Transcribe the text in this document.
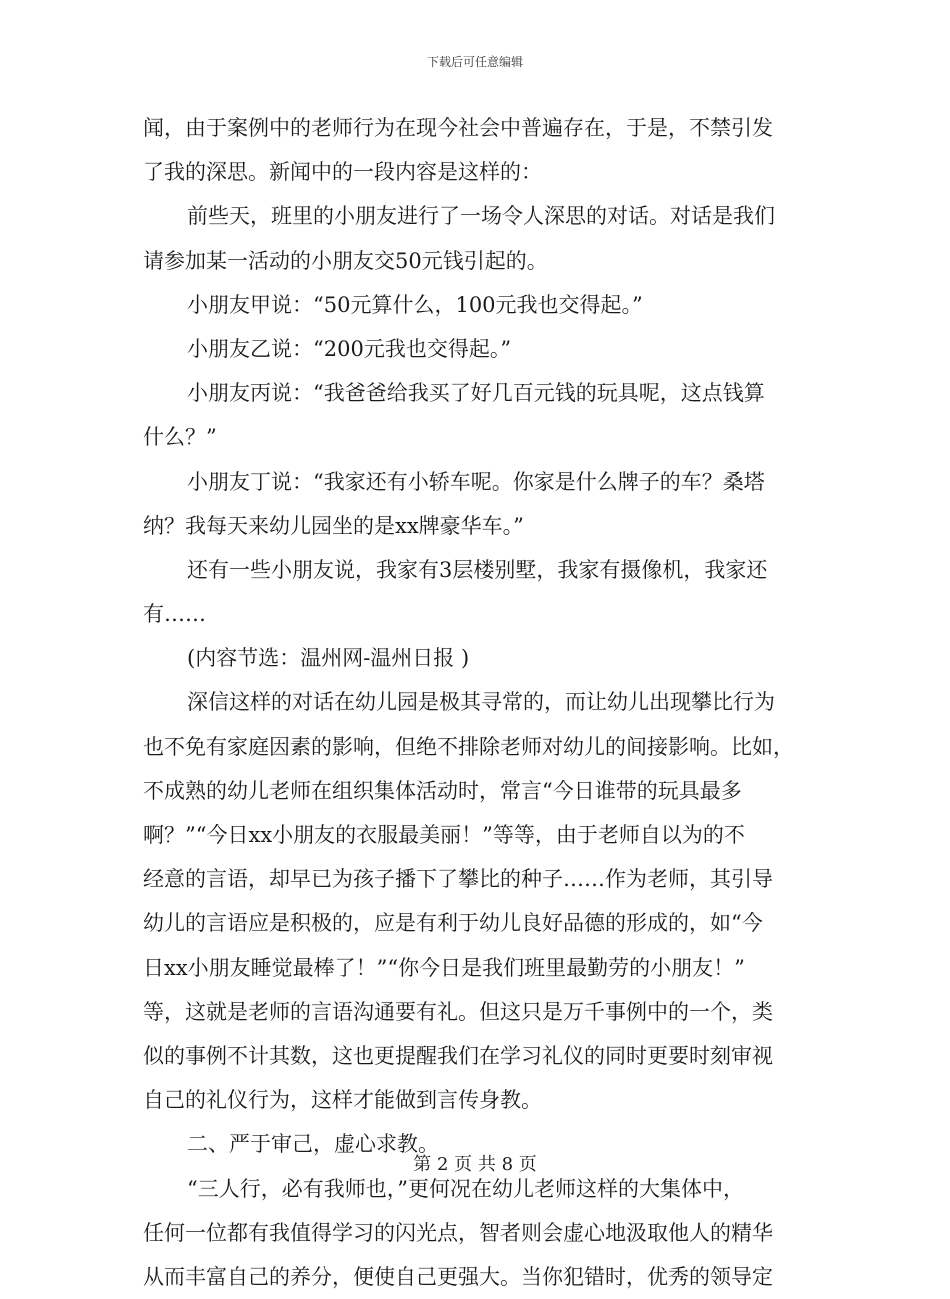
下载后可任意编辑
闻，由于案例中的老师行为在现今社会中普遍存在，于是，不禁引发
了我的深思。新闻中的一段内容是这样的：
前些天，班里的小朋友进行了一场令人深思的对话。对话是我们
请参加某一活动的小朋友交50元钱引起的。
小朋友甲说：“50元算什么，100元我也交得起。”
小朋友乙说：“200元我也交得起。”
小朋友丙说：“我爸爸给我买了好几百元钱的玩具呢，这点钱算
什么？”
小朋友丁说：“我家还有小轿车呢。你家是什么牌子的车？桑塔
纳？我每天来幼儿园坐的是xx牌豪华车。”
还有一些小朋友说，我家有3层楼别墅，我家有摄像机，我家还
有……
(内容节选：温州网-温州日报 )
深信这样的对话在幼儿园是极其寻常的，而让幼儿出现攀比行为
也不免有家庭因素的影响，但绝不排除老师对幼儿的间接影响。比如，
不成熟的幼儿老师在组织集体活动时，常言“今日谁带的玩具最多
啊？”“今日xx小朋友的衣服最美丽！”等等，由于老师自以为的不
经意的言语，却早已为孩子播下了攀比的种子……作为老师，其引导
幼儿的言语应是积极的，应是有利于幼儿良好品德的形成的，如“今
日xx小朋友睡觉最棒了！”“你今日是我们班里最勤劳的小朋友！”
等，这就是老师的言语沟通要有礼。但这只是万千事例中的一个，类
似的事例不计其数，这也更提醒我们在学习礼仪的同时更要时刻审视
自己的礼仪行为，这样才能做到言传身教。
二、严于审己，虚心求教。
“三人行，必有我师也，”更何况在幼儿老师这样的大集体中，
任何一位都有我值得学习的闪光点，智者则会虚心地汲取他人的精华
从而丰富自己的养分，便使自己更强大。当你犯错时，优秀的领导定
第 2 页 共 8 页
